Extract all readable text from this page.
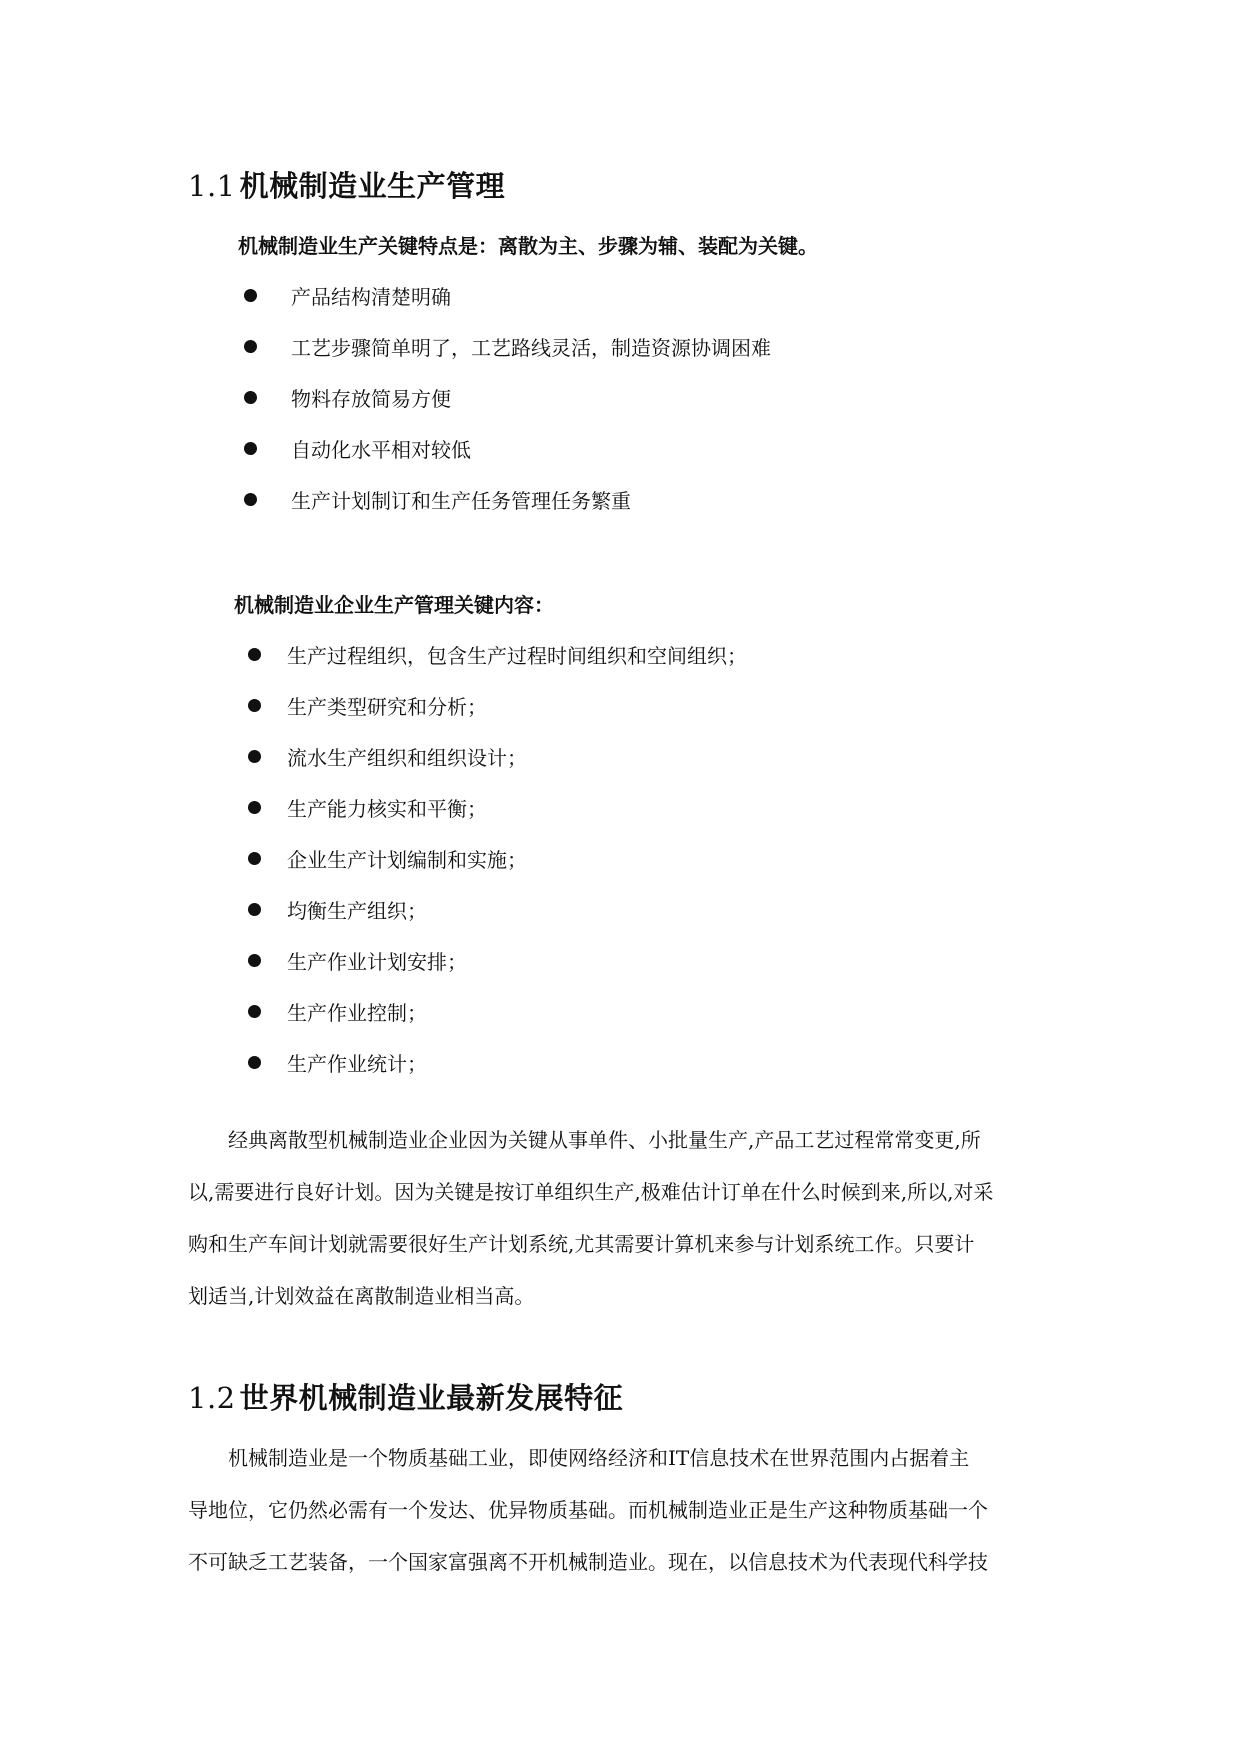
1.1 机械制造业生产管理
机械制造业生产关键特点是：离散为主、步骤为辅、装配为关键。
产品结构清楚明确
工艺步骤简单明了，工艺路线灵活，制造资源协调困难
物料存放简易方便
自动化水平相对较低
生产计划制订和生产任务管理任务繁重
机械制造业企业生产管理关键内容：
生产过程组织，包含生产过程时间组织和空间组织；
生产类型研究和分析；
流水生产组织和组织设计；
生产能力核实和平衡；
企业生产计划编制和实施；
均衡生产组织；
生产作业计划安排；
生产作业控制；
生产作业统计；
　　经典离散型机械制造业企业因为关键从事单件、小批量生产,产品工艺过程常常变更,所
以,需要进行良好计划。因为关键是按订单组织生产,极难估计订单在什么时候到来,所以,对采
购和生产车间计划就需要很好生产计划系统,尤其需要计算机来参与计划系统工作。只要计
划适当,计划效益在离散制造业相当高。
1.2 世界机械制造业最新发展特征
　　机械制造业是一个物质基础工业，即使网络经济和IT信息技术在世界范围内占据着主
导地位，它仍然必需有一个发达、优异物质基础。而机械制造业正是生产这种物质基础一个
不可缺乏工艺装备，一个国家富强离不开机械制造业。现在，以信息技术为代表现代科学技
